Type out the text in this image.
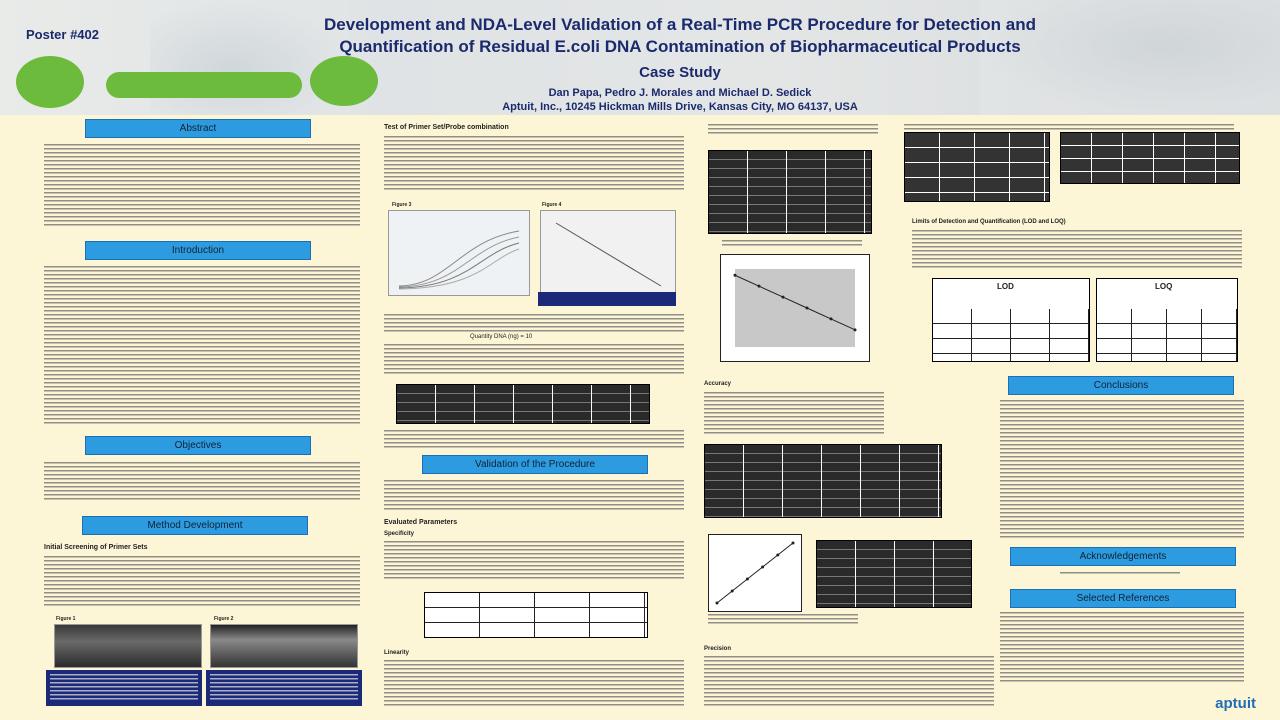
Poster #402
Development and NDA-Level Validation of a Real-Time PCR Procedure for Detection and
Quantification of Residual E.coli DNA Contamination of Biopharmaceutical Products
Case Study
Dan Papa, Pedro J. Morales and Michael D. Sedick
Aptuit, Inc., 10245 Hickman Mills Drive, Kansas City, MO 64137, USA
Abstract
Introduction
Objectives
Method Development
Initial Screening of Primer Sets
Figure 1	Figure 2
Test of Primer Set/Probe combination
Figure 3	Figure 4
Quantity DNA (ng) = 10
Validation of the Procedure
Evaluated Parameters
Specificity
Linearity
Accuracy
Precision
Limits of Detection and Quantification (LOD and LOQ)
LOD	LOQ
Conclusions
Acknowledgements
Selected References
aptuit
